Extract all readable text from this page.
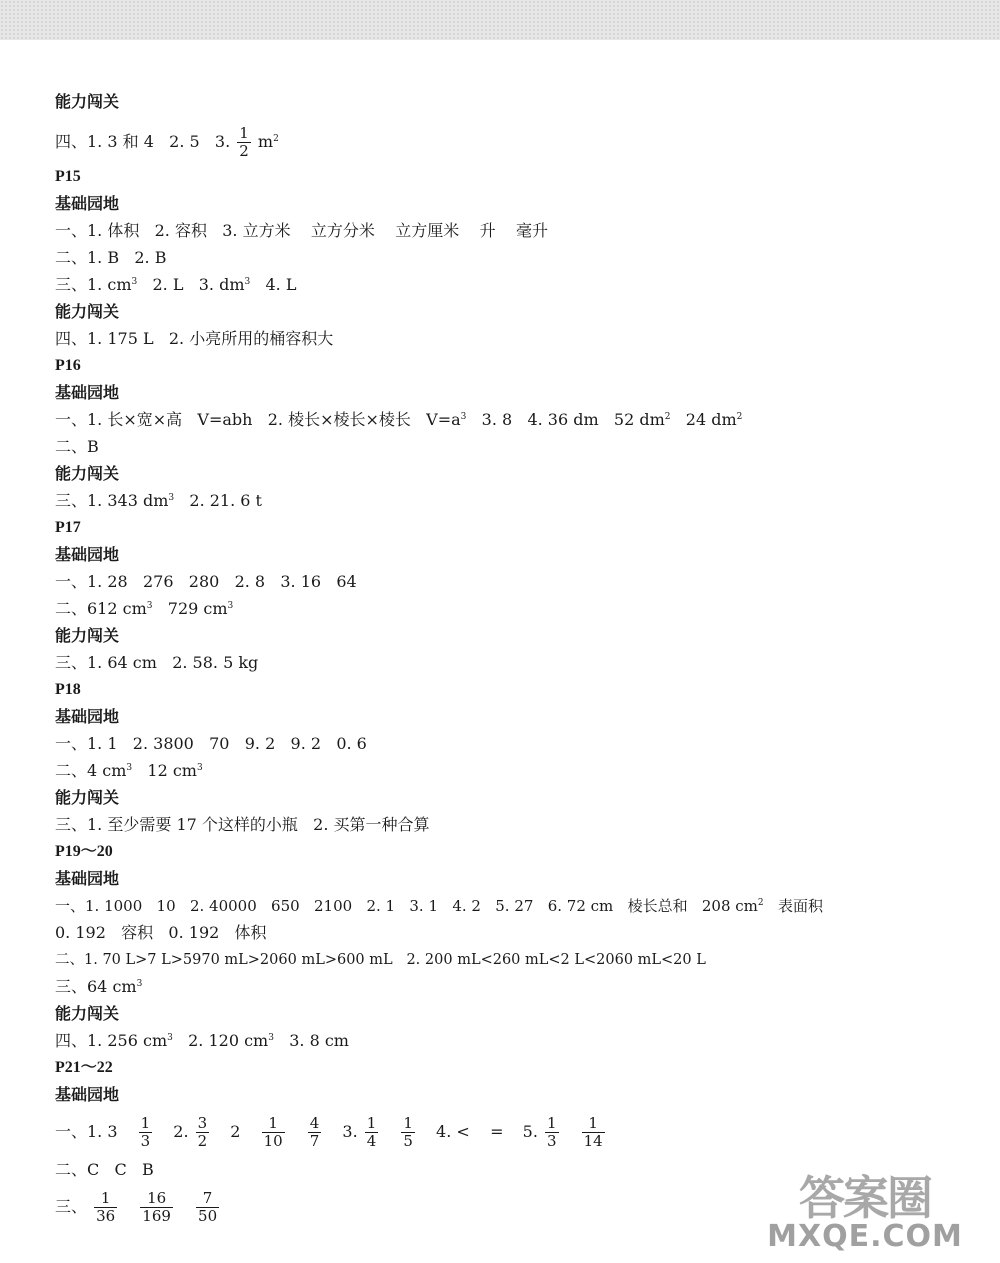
能力闯关
四、1. 3 和 4   2. 5   3. $\frac{1}{2} m^2$
P15
基础园地
一、1. 体积   2. 容积   3. 立方米    立方分米    立方厘米    升    毫升
二、1. B   2. B
三、1. $cm^3$   2. L   3. $dm^3$   4. L
能力闯关
四、1. 175 L   2. 小亮所用的桶容积大
P16
基础园地
一、1. 长×宽×高   V=abh   2. 棱长×棱长×棱长   $V=a^3$   3. 8   4. 36 dm   52 $dm^2$   24 $dm^2$
二、B
能力闯关
三、1. 343 $dm^3$   2. 21. 6 t
P17
基础园地
一、1. 28   276   280   2. 8   3. 16   64
二、612 $cm^3$   729 $cm^3$
能力闯关
三、1. 64 cm   2. 58. 5 kg
P18
基础园地
一、1. 1   2. 3800   70   9. 2   9. 2   0. 6
二、4 $cm^3$   12 $cm^3$
能力闯关
三、1. 至少需要 17 个这样的小瓶   2. 买第一种合算
P19～20
基础园地
一、1. 1000   10   2. 40000   650   2100   2. 1   3. 1   4. 2   5. 27   6. 72 cm   棱长总和   208 $cm^2$   表面积
0. 192   容积   0. 192   体积
二、1. 70 L>7 L>5970 mL>2060 mL>600 mL   2. 200 mL<260 mL<2 L<2060 mL<20 L
三、64 $cm^3$
能力闯关
四、1. 256 $cm^3$   2. 120 $cm^3$   3. 8 cm
P21～22
基础园地
一、1. $3 \frac{1}{3} 2$. $\frac{3}{2} 2 \frac{1}{10}$
$\frac{4}{7} 3$. $\frac{1}{4}$
$\frac{1}{5} 4$. <    = 5. $\frac{1}{3}$
$\frac{1}{14}$
二、C   C   B
三、 $\frac{1}{36}$
$\frac{16}{169}$
$\frac{7}{50}$	答案圈
MXQE.COM
